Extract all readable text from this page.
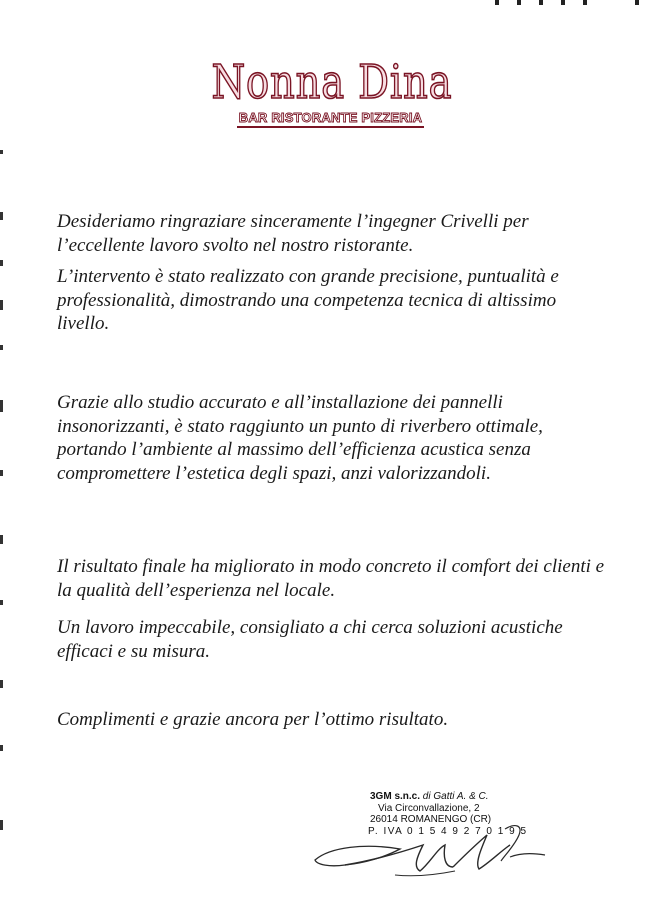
Nonna Dina
BAR RISTORANTE PIZZERIA

Desideriamo ringraziare sinceramente l’ingegner Crivelli per l’eccellente lavoro svolto nel nostro ristorante.

L’intervento è stato realizzato con grande precisione, puntualità e professionalità, dimostrando una competenza tecnica di altissimo livello.

Grazie allo studio accurato e all’installazione dei pannelli insonorizzanti, è stato raggiunto un punto di riverbero ottimale, portando l’ambiente al massimo dell’efficienza acustica senza compromettere l’estetica degli spazi, anzi valorizzandoli.

Il risultato finale ha migliorato in modo concreto il comfort dei clienti e la qualità dell’esperienza nel locale.

Un lavoro impeccabile, consigliato a chi cerca soluzioni acustiche efficaci e su misura.

Complimenti e grazie ancora per l’ottimo risultato.

3GM s.n.c. di Gatti A. & C.
Via Circonvallazione, 2
26014 ROMANENGO (CR)
P. IVA 0 1 5 4 9 2 7 0 1 9 5
